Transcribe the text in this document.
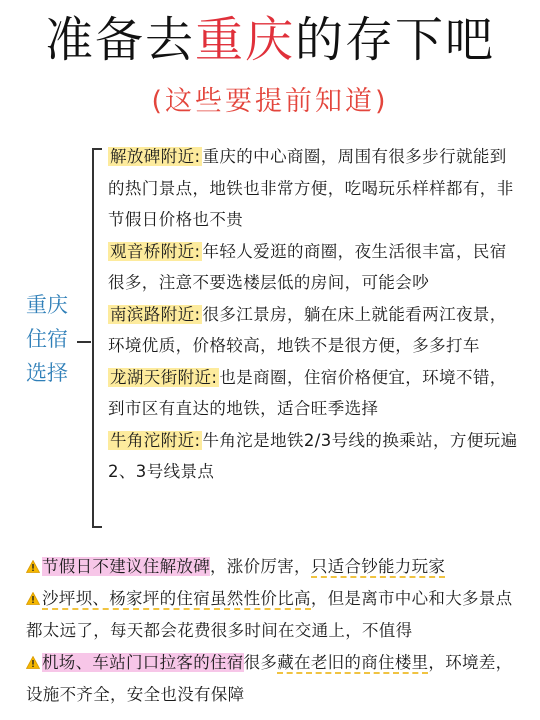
准备去重庆的存下吧
(这些要提前知道)
重庆
住宿
选择

解放碑附近: 重庆的中心商圈，周围有很多步行就能到的热门景点，地铁也非常方便，吃喝玩乐样样都有，非节假日价格也不贵

观音桥附近: 年轻人爱逛的商圈，夜生活很丰富，民宿很多，注意不要选楼层低的房间，可能会吵

南滨路附近: 很多江景房，躺在床上就能看两江夜景，环境优质，价格较高，地铁不是很方便，多多打车

龙湖天街附近: 也是商圈，住宿价格便宜，环境不错，到市区有直达的地铁，适合旺季选择

牛角沱附近: 牛角沱是地铁2/3号线的换乘站，方便玩遍2、3号线景点

节假日不建议住解放碑，涨价厉害，只适合钞能力玩家

沙坪坝、杨家坪的住宿虽然性价比高，但是离市中心和大多景点都太远了，每天都会花费很多时间在交通上，不值得

机场、车站门口拉客的住宿很多藏在老旧的商住楼里，环境差，设施不齐全，安全也没有保障
